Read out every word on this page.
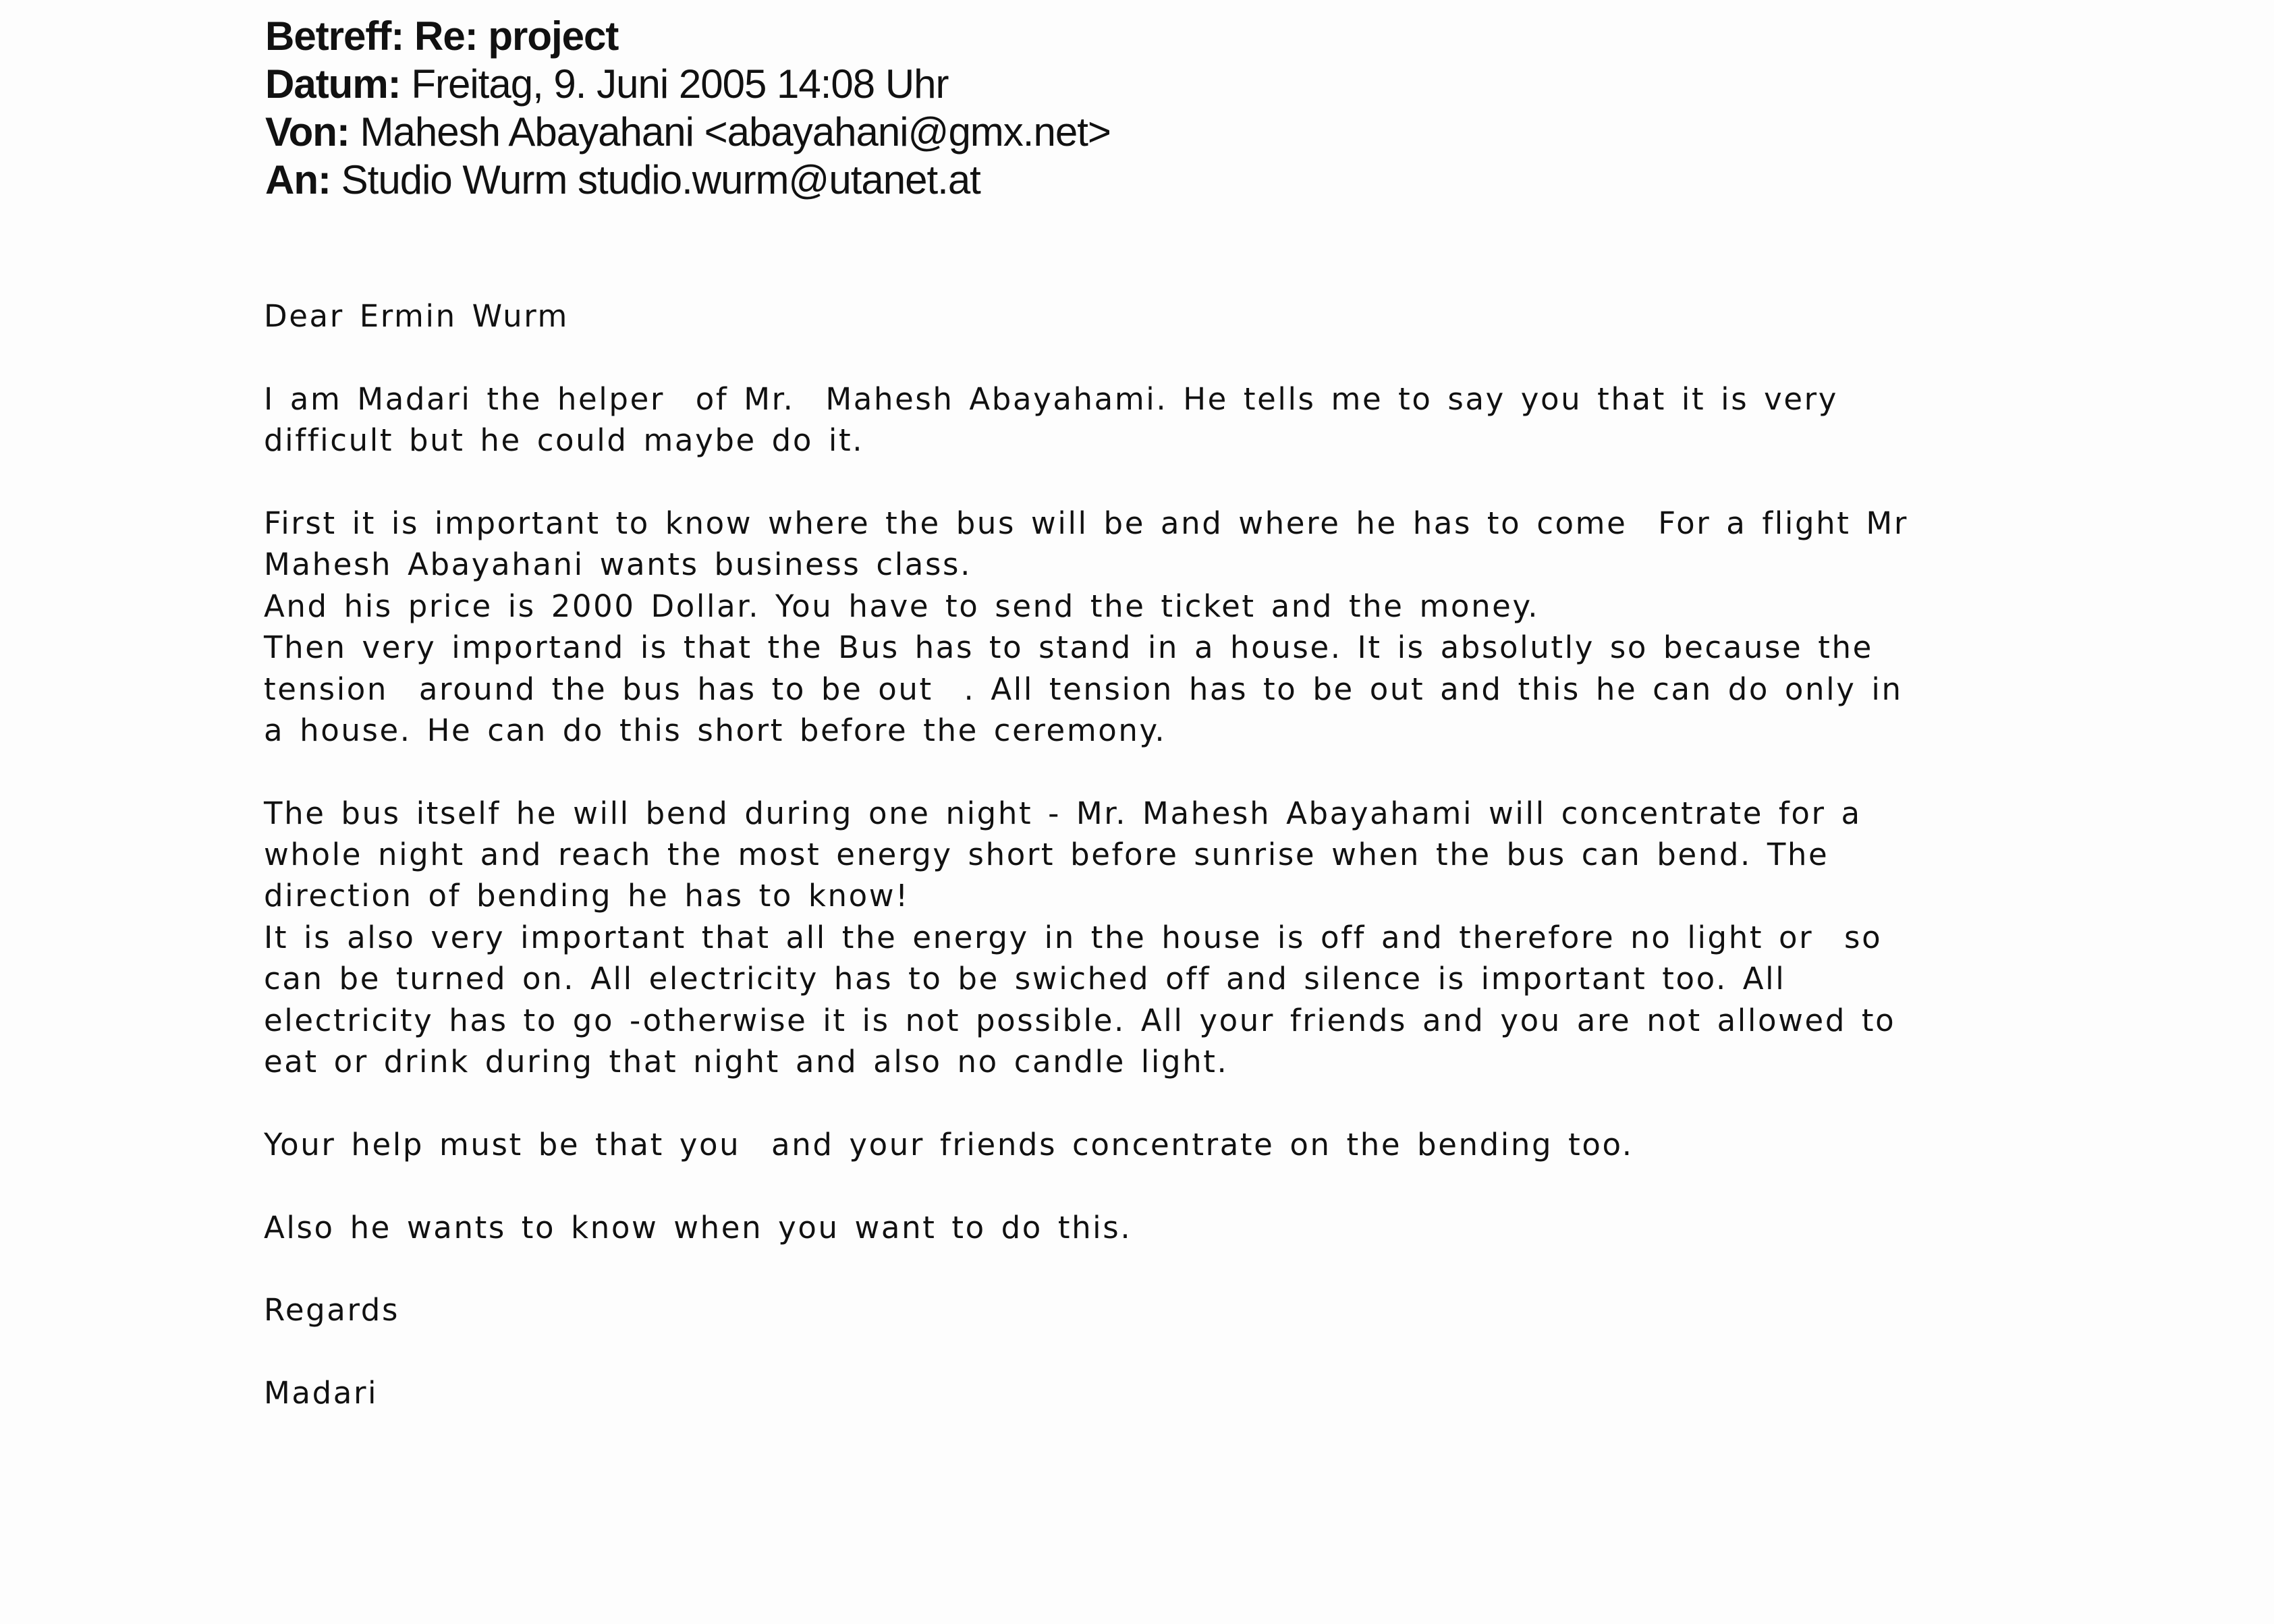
Betreff: Re: project
Datum: Freitag, 9. Juni 2005 14:08 Uhr
Von: Mahesh Abayahani <abayahani@gmx.net>
An: Studio Wurm studio.wurm@utanet.at
Dear Ermin Wurm
I am Madari the helper  of Mr.  Mahesh Abayahami. He tells me to say you that it is very
difficult but he could maybe do it.
First it is important to know where the bus will be and where he has to come  For a flight Mr
Mahesh Abayahani wants business class.
And his price is 2000 Dollar. You have to send the ticket and the money.
Then very importand is that the Bus has to stand in a house. It is absolutly so because the
tension  around the bus has to be out  . All tension has to be out and this he can do only in
a house. He can do this short before the ceremony.
The bus itself he will bend during one night - Mr. Mahesh Abayahami will concentrate for a
whole night and reach the most energy short before sunrise when the bus can bend. The
direction of bending he has to know!
It is also very important that all the energy in the house is off and therefore no light or  so
can be turned on. All electricity has to be swiched off and silence is important too. All
electricity has to go -otherwise it is not possible. All your friends and you are not allowed to
eat or drink during that night and also no candle light.
Your help must be that you  and your friends concentrate on the bending too.
Also he wants to know when you want to do this.
Regards
Madari
